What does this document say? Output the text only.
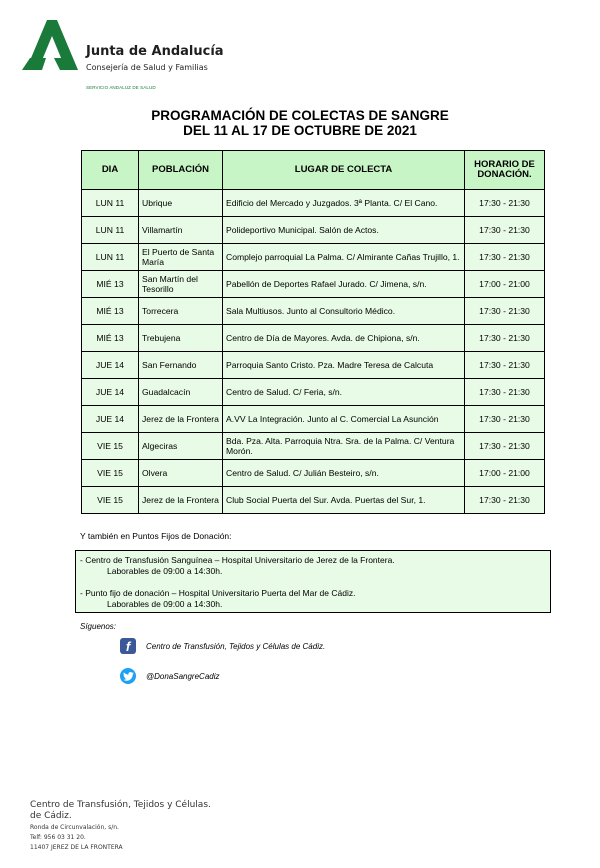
Junta de Andalucía
Consejería de Salud y Familias
SERVICIO ANDALUZ DE SALUD
PROGRAMACIÓN DE COLECTAS DE SANGRE
DEL 11 AL 17 DE OCTUBRE DE 2021
DIA	POBLACIÓN	LUGAR DE COLECTA	HORARIO DE DONACIÓN.
LUN 11	Ubrique	Edificio del Mercado y Juzgados. 3ª Planta. C/ El Cano.	17:30 - 21:30
LUN 11	Villamartín	Polideportivo Municipal. Salón de Actos.	17:30 - 21:30
LUN 11	El Puerto de Santa María	Complejo parroquial La Palma. C/ Almirante Cañas Trujillo, 1.	17:30 - 21:30
MIÉ 13	San Martín del Tesorillo	Pabellón de Deportes Rafael Jurado. C/ Jimena, s/n.	17:00 - 21:00
MIÉ 13	Torrecera	Sala Multiusos. Junto al Consultorio Médico.	17:30 - 21:30
MIÉ 13	Trebujena	Centro de Día de Mayores. Avda. de Chipiona, s/n.	17:30 - 21:30
JUE 14	San Fernando	Parroquia Santo Cristo. Pza. Madre Teresa de Calcuta	17:30 - 21:30
JUE 14	Guadalcacín	Centro de Salud. C/ Feria, s/n.	17:30 - 21:30
JUE 14	Jerez de la Frontera	A.VV La Integración. Junto al C. Comercial La Asunción	17:30 - 21:30
VIE 15	Algeciras	Bda. Pza. Alta. Parroquia Ntra. Sra. de la Palma. C/ Ventura Morón.	17:30 - 21:30
VIE 15	Olvera	Centro de Salud. C/ Julián Besteiro, s/n.	17:00 - 21:00
VIE 15	Jerez de la Frontera	Club Social Puerta del Sur. Avda. Puertas del Sur, 1.	17:30 - 21:30
Y también en Puntos Fijos de Donación:
- Centro de Transfusión Sanguínea – Hospital Universitario de Jerez de la Frontera.
Laborables de 09:00 a 14:30h.
- Punto fijo de donación – Hospital Universitario Puerta del Mar de Cádiz.
Laborables de 09:00 a 14:30h.
Síguenos:
f	Centro de Transfusión, Tejidos y Células de Cádiz.
@DonaSangreCadiz
Centro de Transfusión, Tejidos y Células.
de Cádiz.
Ronda de Circunvalación, s/n.
Telf: 956 03 31 20.
11407 JEREZ DE LA FRONTERA
